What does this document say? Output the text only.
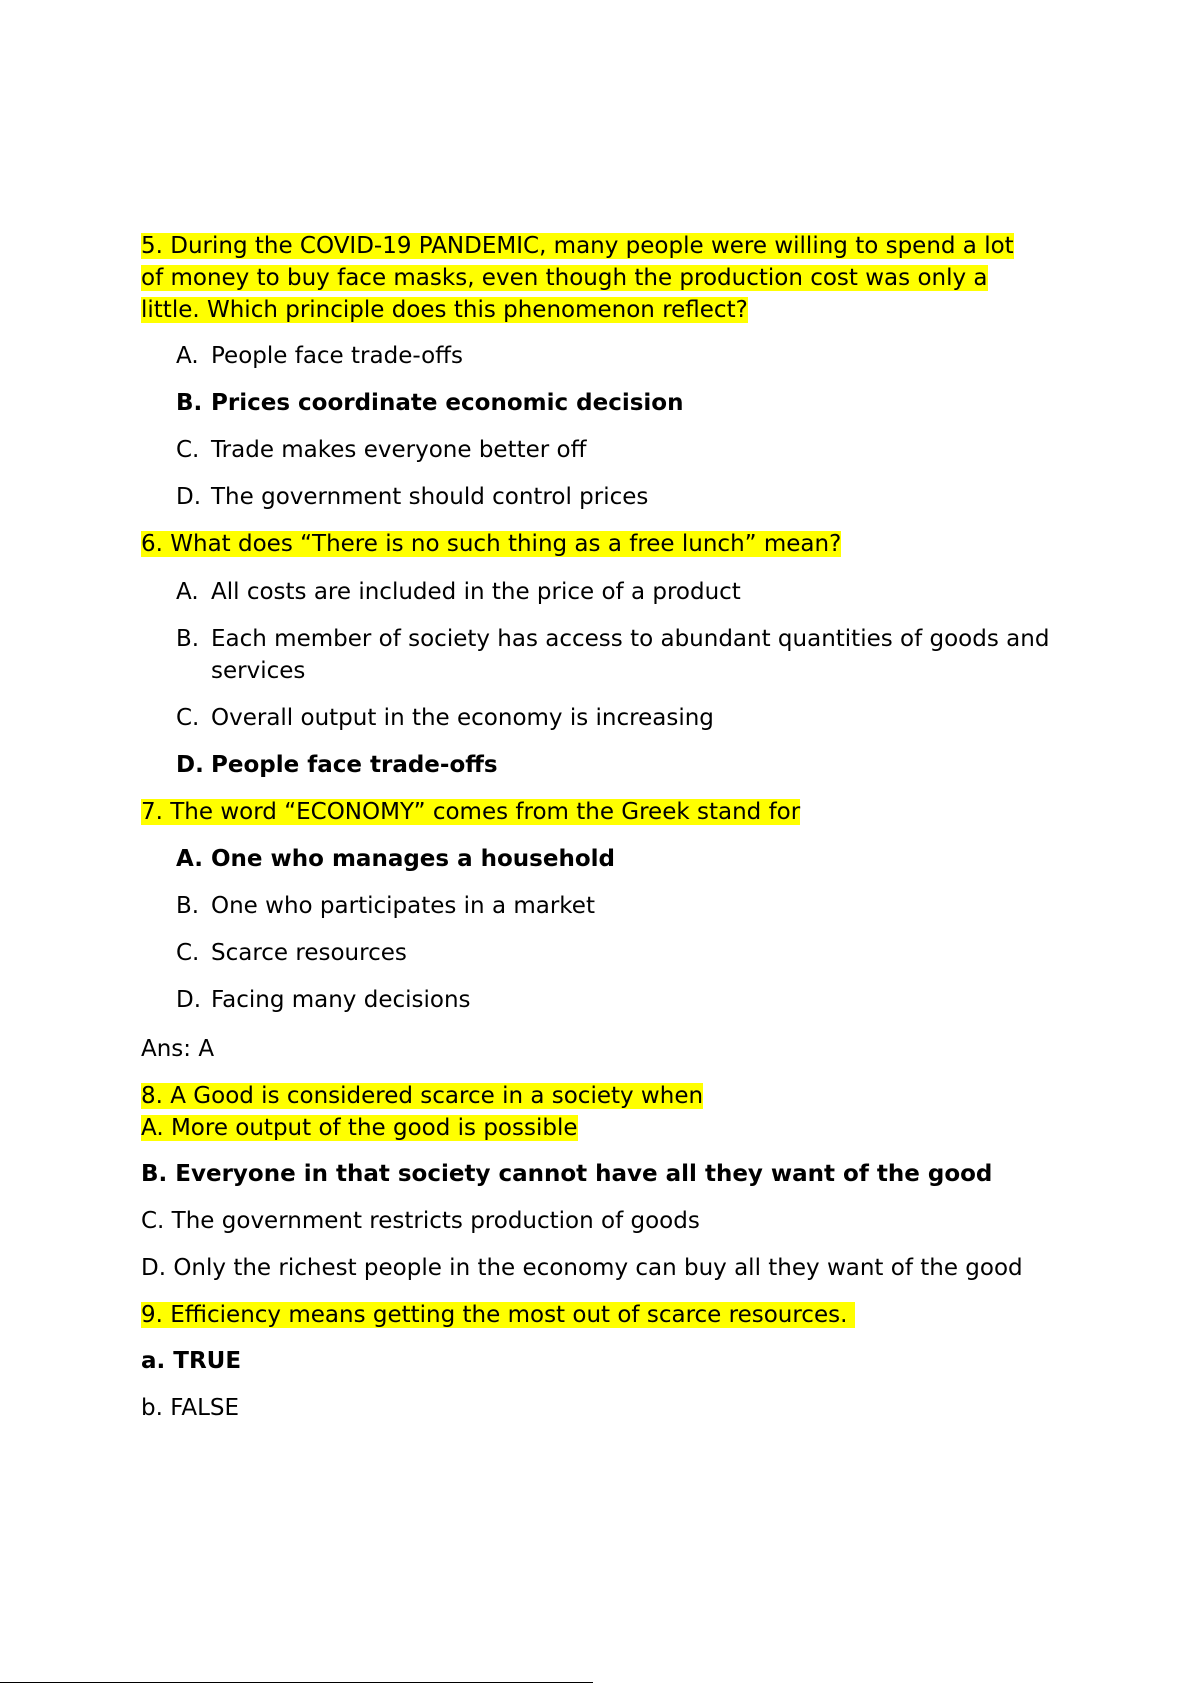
5. During the COVID-19 PANDEMIC, many people were willing to spend a lot

of money to buy face masks, even though the production cost was only a

little. Which principle does this phenomenon reflect?

A. People face trade-offs
B. Prices coordinate economic decision
C. Trade makes everyone better off
D. The government should control prices

6. What does “There is no such thing as a free lunch” mean?

A. All costs are included in the price of a product
B. Each member of society has access to abundant quantities of goods and services
C. Overall output in the economy is increasing
D. People face trade-offs

7. The word “ECONOMY” comes from the Greek stand for

A. One who manages a household
B. One who participates in a market
C. Scarce resources
D. Facing many decisions

Ans: A

8. A Good is considered scarce in a society when

A. More output of the good is possible

B. Everyone in that society cannot have all they want of the good

C. The government restricts production of goods

D. Only the richest people in the economy can buy all they want of the good

9. Efficiency means getting the most out of scarce resources.

a. TRUE

b. FALSE
